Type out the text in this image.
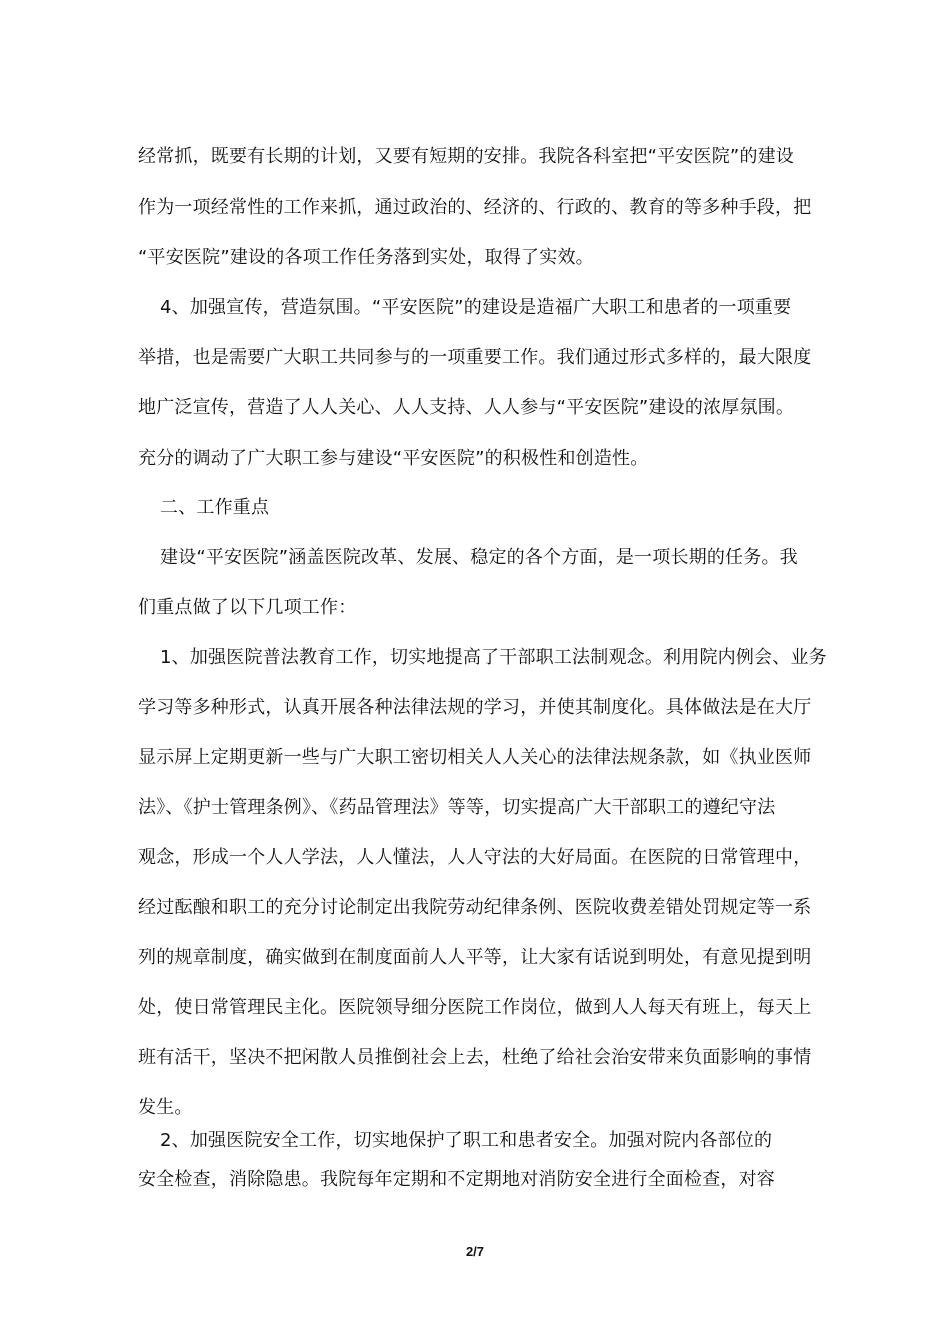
经常抓，既要有长期的计划，又要有短期的安排。我院各科室把“平安医院”的建设
作为一项经常性的工作来抓，通过政治的、经济的、行政的、教育的等多种手段，把
“平安医院”建设的各项工作任务落到实处，取得了实效。
4、加强宣传，营造氛围。“平安医院”的建设是造福广大职工和患者的一项重要
举措，也是需要广大职工共同参与的一项重要工作。我们通过形式多样的，最大限度
地广泛宣传，营造了人人关心、人人支持、人人参与“平安医院”建设的浓厚氛围。
充分的调动了广大职工参与建设“平安医院”的积极性和创造性。
二、工作重点
建设“平安医院”涵盖医院改革、发展、稳定的各个方面，是一项长期的任务。我
们重点做了以下几项工作：
1、加强医院普法教育工作，切实地提高了干部职工法制观念。利用院内例会、业务
学习等多种形式，认真开展各种法律法规的学习，并使其制度化。具体做法是在大厅
显示屏上定期更新一些与广大职工密切相关人人关心的法律法规条款，如《执业医师
法》、《护士管理条例》、《药品管理法》等等，切实提高广大干部职工的遵纪守法
观念，形成一个人人学法，人人懂法，人人守法的大好局面。在医院的日常管理中，
经过酝酿和职工的充分讨论制定出我院劳动纪律条例、医院收费差错处罚规定等一系
列的规章制度，确实做到在制度面前人人平等，让大家有话说到明处，有意见提到明
处，使日常管理民主化。医院领导细分医院工作岗位，做到人人每天有班上，每天上
班有活干，坚决不把闲散人员推倒社会上去，杜绝了给社会治安带来负面影响的事情
发生。
2、加强医院安全工作，切实地保护了职工和患者安全。加强对院内各部位的
安全检查，消除隐患。我院每年定期和不定期地对消防安全进行全面检查，对容
2/7
